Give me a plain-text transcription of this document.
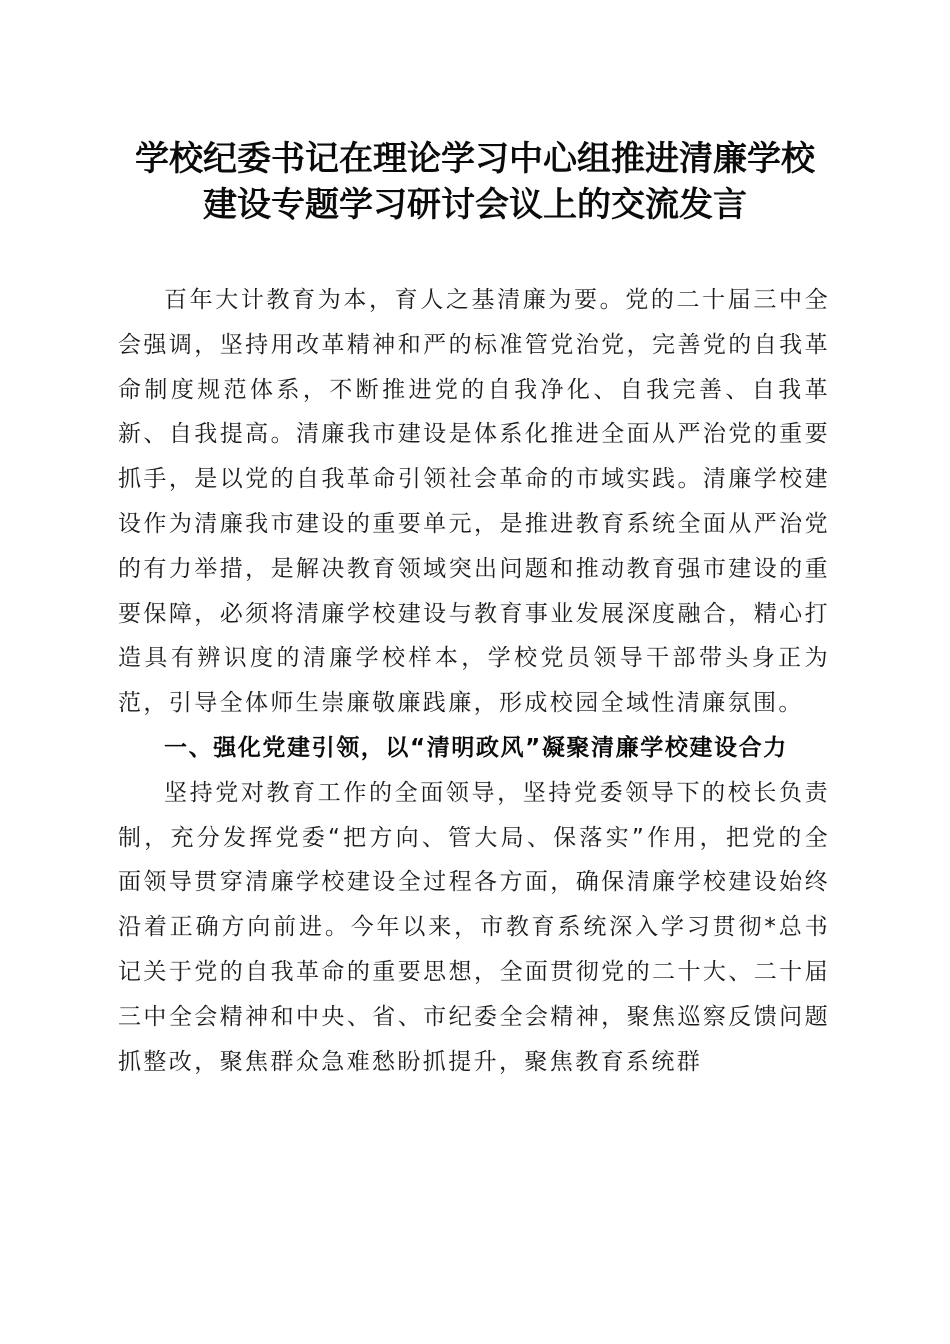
学校纪委书记在理论学习中心组推进清廉学校
建设专题学习研讨会议上的交流发言

百年大计教育为本，育人之基清廉为要。党的二十届三中全会强调，坚持用改革精神和严的标准管党治党，完善党的自我革命制度规范体系，不断推进党的自我净化、自我完善、自我革新、自我提高。清廉我市建设是体系化推进全面从严治党的重要抓手，是以党的自我革命引领社会革命的市域实践。清廉学校建设作为清廉我市建设的重要单元，是推进教育系统全面从严治党的有力举措，是解决教育领域突出问题和推动教育强市建设的重要保障，必须将清廉学校建设与教育事业发展深度融合，精心打造具有辨识度的清廉学校样本，学校党员领导干部带头身正为范，引导全体师生崇廉敬廉践廉，形成校园全域性清廉氛围。

一、强化党建引领，以“清明政风”凝聚清廉学校建设合力

坚持党对教育工作的全面领导，坚持党委领导下的校长负责制，充分发挥党委“把方向、管大局、保落实”作用，把党的全面领导贯穿清廉学校建设全过程各方面，确保清廉学校建设始终沿着正确方向前进。今年以来，市教育系统深入学习贯彻*总书记关于党的自我革命的重要思想，全面贯彻党的二十大、二十届三中全会精神和中央、省、市纪委全会精神，聚焦巡察反馈问题抓整改，聚焦群众急难愁盼抓提升，聚焦教育系统群
